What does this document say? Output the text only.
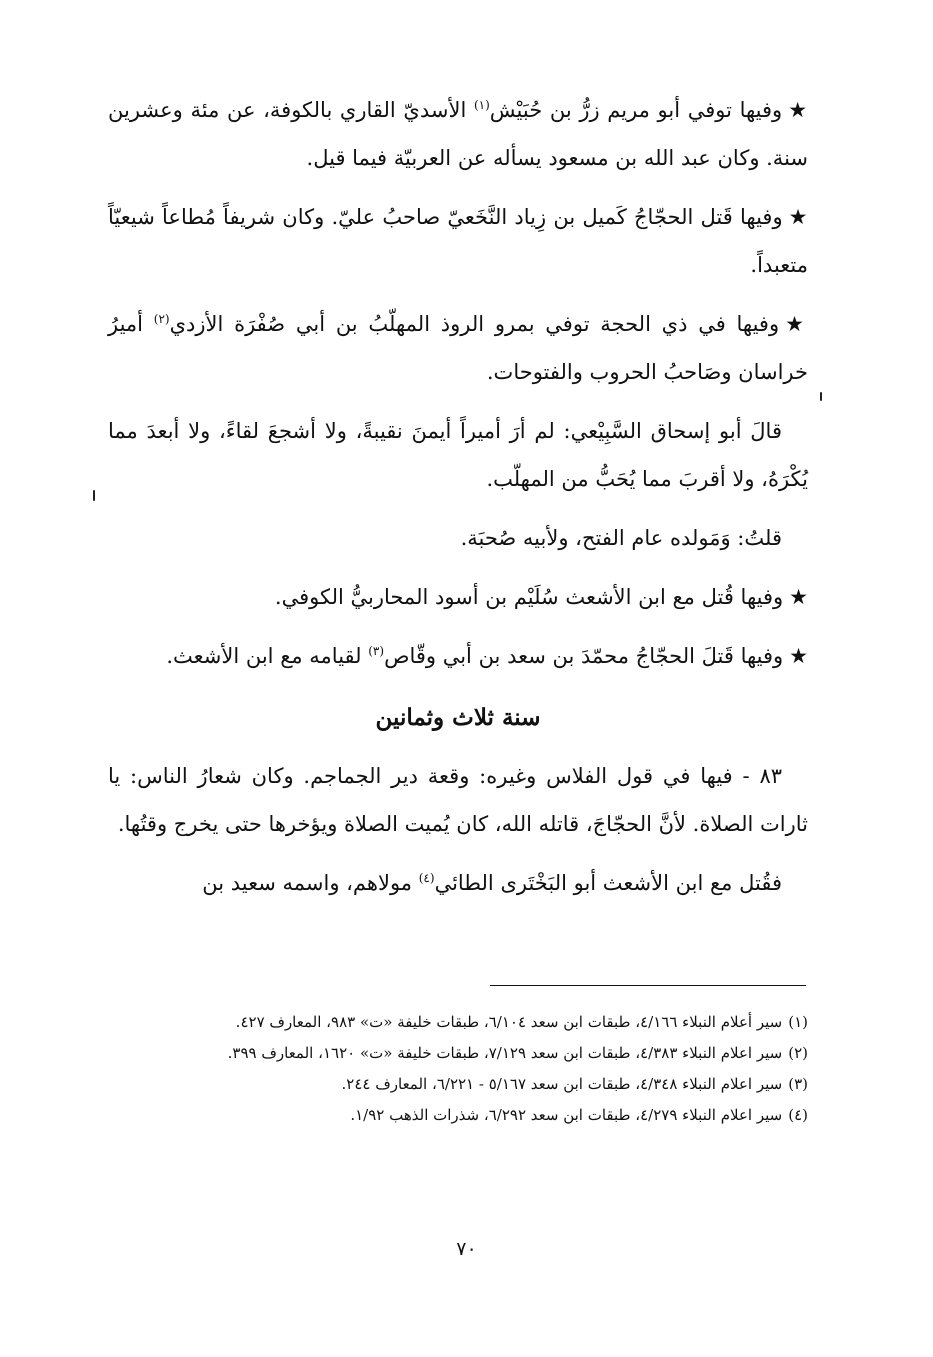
★وفيها توفي أبو مريم زرُّ بن حُبَيْش$^{(١)}$ الأسديّ القاري بالكوفة، عن مئة وعشرين سنة. وكان عبد الله بن مسعود يسأله عن العربيّة فيما قيل.

★وفيها قَتل الحجّاجُ كَميل بن زِياد النَّخَعيّ صاحبُ عليّ. وكان شريفاً مُطاعاً شيعيّاً متعبداً.

★وفيها في ذي الحجة توفي بمرو الروذ المهلّبُ بن أبي صُفْرَة الأزدي$^{(٢)}$ أميرُ خراسان وصَاحبُ الحروب والفتوحات.

قالَ أبو إسحاق السَّبِيْعي: لم أرَ أميراً أيمنَ نقيبةً، ولا أشجعَ لقاءً، ولا أبعدَ مما يُكْرَهُ، ولا أقربَ مما يُحَبُّ من المهلّب.

قلتُ: وَمَولده عام الفتح، ولأبيه صُحبَة.

★وفيها قُتل مع ابن الأشعث سُلَيْم بن أسود المحاربيُّ الكوفي.

★وفيها قَتلَ الحجّاجُ محمّدَ بن سعد بن أبي وقّاص$^{(٣)}$ لقيامه مع ابن الأشعث.

سنة ثلاث وثمانين

٨٣ - فيها في قول الفلاس وغيره: وقعة دير الجماجم. وكان شعارُ الناس: يا ثارات الصلاة. لأنَّ الحجّاجَ، قاتله الله، كان يُميت الصلاة ويؤخرها حتى يخرج وقتُها.

فقُتل مع ابن الأشعث أبو البَخْتَرى الطائي$^{(٤)}$ مولاهم، واسمه سعيد بن

(١)سير أعلام النبلاء ٤/١٦٦، طبقات ابن سعد ٦/١٠٤، طبقات خليفة «ت» ٩٨٣، المعارف ٤٢٧.

(٢)سير اعلام النبلاء ٤/٣٨٣، طبقات ابن سعد ٧/١٢٩، طبقات خليفة «ت» ١٦٢٠، المعارف ٣٩٩.

(٣)سير اعلام النبلاء ٤/٣٤٨، طبقات ابن سعد ٥/١٦٧ - ٦/٢٢١، المعارف ٢٤٤.

(٤)سير اعلام النبلاء ٤/٢٧٩، طبقات ابن سعد ٦/٢٩٢، شذرات الذهب ١/٩٢.

٧٠
